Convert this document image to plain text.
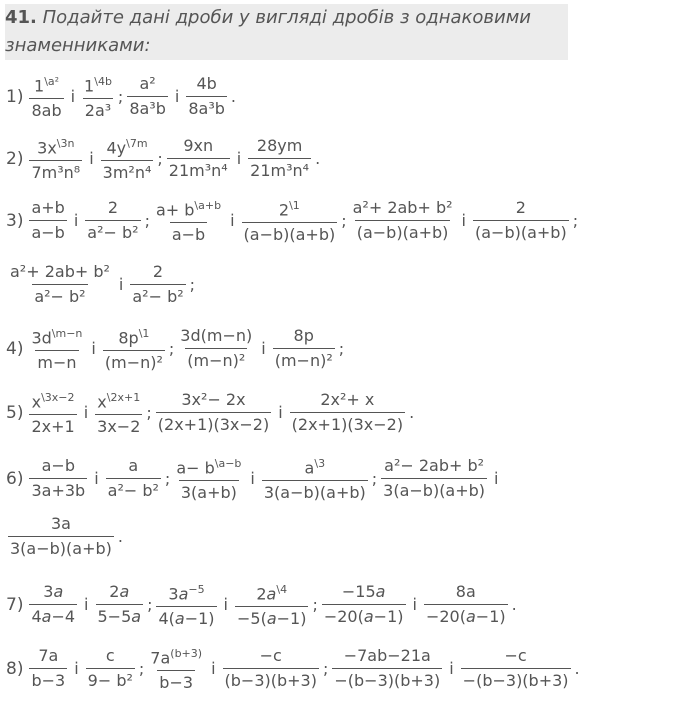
41. Подайте дані дроби у вигляді дробів з однаковими
знаменниками:
$1) \frac{1^{\backslash a^2}}{8ab}$ і $\frac{1^{\backslash 4b}}{\text{2a³}}$ ; $\frac{\text{a²}}{\text{8a³b}}$ і $\frac{4b}{\text{8a³b}}$ .
$2) \frac{3x^{\backslash 3n}}{\text{7m³n⁸}}$ і $\frac{4y^{\backslash 7m}}{\text{3m²n⁴}}$ ; $\frac{9xn}{\text{21m³n⁴}}$ і $\frac{28ym}{\text{21m³n⁴}}$ .
$3) \frac{a+b}{a-b}$ і $\frac{2}{\text{a²− b²}}$ ; $\frac{a+ b^{\backslash a+b}}{a-b}$ і $\frac{2^{\backslash 1}}{(a-b)(a+b)}$ ; $\frac{\text{a²+ 2ab+ b²}}{(a-b)(a+b)}$ і $\frac{2}{(a-b)(a+b)}$ ;
$\frac{\text{a²+ 2ab+ b²}}{\text{a²− b²}}$ і $\frac{2}{\text{a²− b²}}$ ;
$4) \frac{3d^{\backslash m-n}}{m-n}$ і $\frac{8p^{\backslash 1}}{\text{(m−n)²}}$ ; $\frac{3d(m-n)}{\text{(m−n)²}}$ і $\frac{8p}{\text{(m−n)²}}$ ;
$5) \frac{x^{\backslash 3x-2}}{2x+1}$ і $\frac{x^{\backslash 2x+1}}{3x-2}$ ; $\frac{\text{3x²− 2x}}{(2x+1)(3x-2)}$ і $\frac{\text{2x²+ x}}{(2x+1)(3x-2)}$ .
$6) \frac{a-b}{3a+3b}$ і $\frac{a}{\text{a²− b²}}$ ; $\frac{a- b^{\backslash a-b}}{3(a+b)}$ і $\frac{a^{\backslash 3}}{3(a-b)(a+b)}$ ; $\frac{\text{a²− 2ab+ b²}}{3(a-b)(a+b)}$ і
$\frac{3a}{3(a-b)(a+b)}$ .
$7) \frac{3a}{4a-4}$ і $\frac{2a}{5-5a}$ ; $\frac{3a^{-5}}{4(a-1)}$ і $\frac{2a^{\backslash 4}}{-5(a-1)}$ ; $\frac{-15a}{-20(a-1)}$ і $\frac{8a}{-20(a-1)}$ .
$8) \frac{7a}{b-3}$ і $\frac{c}{\text{9− b²}}$ ; $\frac{7a^{(b+3)}}{b-3}$ і $\frac{-c}{(b-3)(b+3)}$ ; $\frac{-7ab-21a}{-(b-3)(b+3)}$ і $\frac{-c}{-(b-3)(b+3)}$ .
